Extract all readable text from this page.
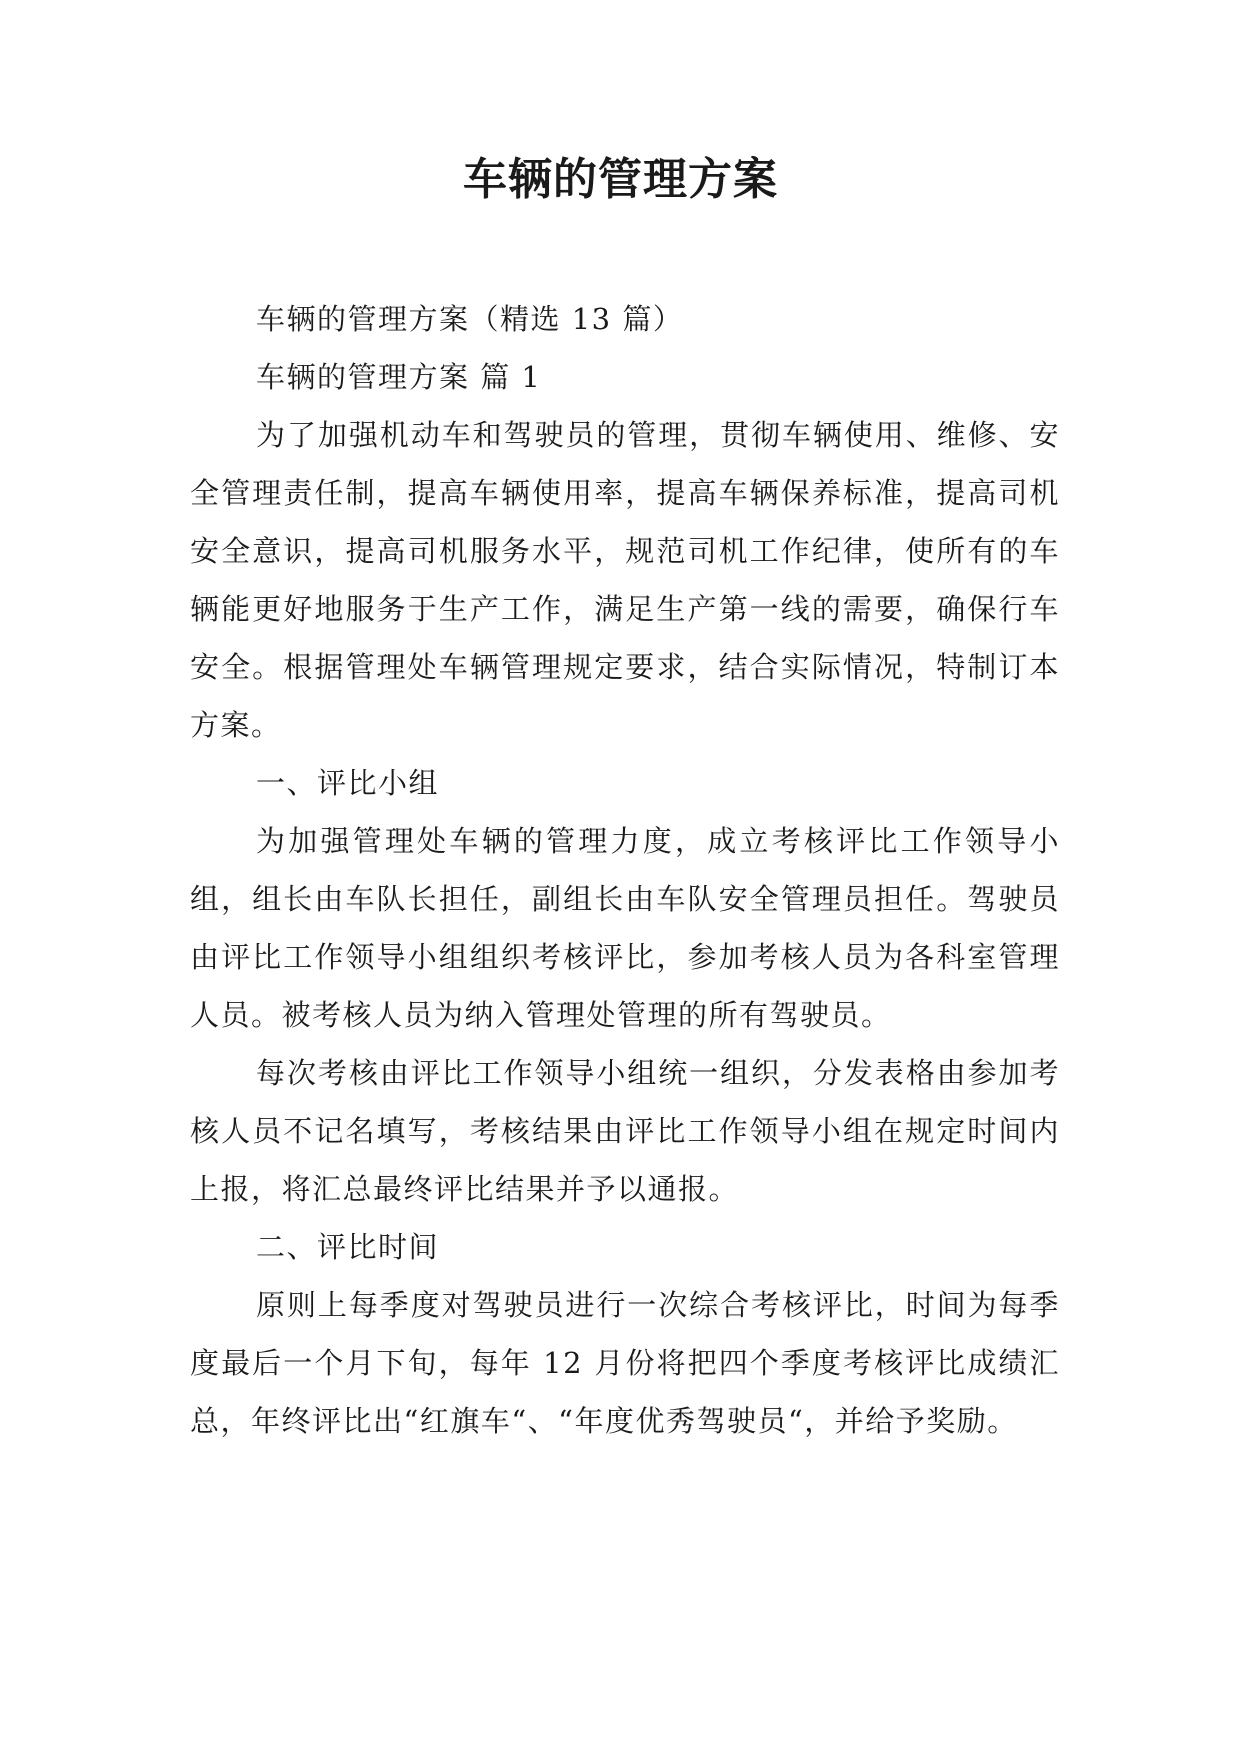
车辆的管理方案

车辆的管理方案（精选 13 篇）

车辆的管理方案 篇 1

为了加强机动车和驾驶员的管理，贯彻车辆使用、维修、安全管理责任制，提高车辆使用率，提高车辆保养标准，提高司机安全意识，提高司机服务水平，规范司机工作纪律，使所有的车辆能更好地服务于生产工作，满足生产第一线的需要，确保行车安全。根据管理处车辆管理规定要求，结合实际情况，特制订本方案。

一、评比小组

为加强管理处车辆的管理力度，成立考核评比工作领导小组，组长由车队长担任，副组长由车队安全管理员担任。驾驶员由评比工作领导小组组织考核评比，参加考核人员为各科室管理人员。被考核人员为纳入管理处管理的所有驾驶员。

每次考核由评比工作领导小组统一组织，分发表格由参加考核人员不记名填写，考核结果由评比工作领导小组在规定时间内上报，将汇总最终评比结果并予以通报。

二、评比时间

原则上每季度对驾驶员进行一次综合考核评比，时间为每季度最后一个月下旬，每年 12 月份将把四个季度考核评比成绩汇总，年终评比出“红旗车“、“年度优秀驾驶员“，并给予奖励。
